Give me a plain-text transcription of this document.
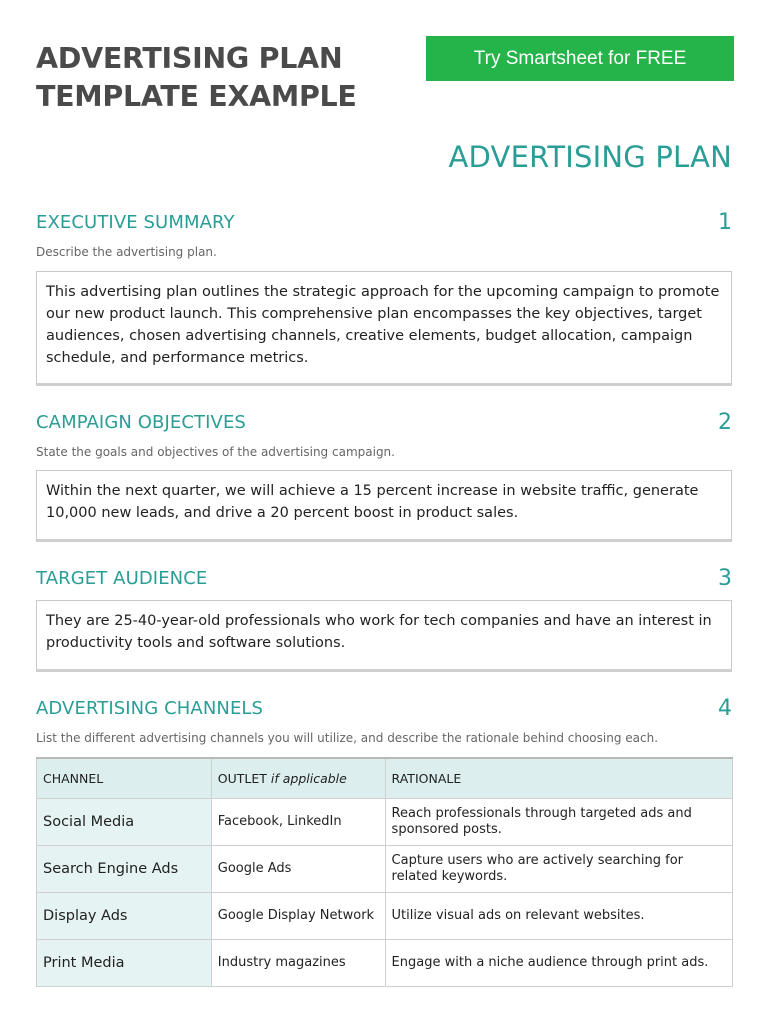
ADVERTISING PLAN
TEMPLATE EXAMPLE
Try Smartsheet for FREE
ADVERTISING PLAN
EXECUTIVE SUMMARY	1
Describe the advertising plan.
This advertising plan outlines the strategic approach for the upcoming campaign to promote our new product launch. This comprehensive plan encompasses the key objectives, target audiences, chosen advertising channels, creative elements, budget allocation, campaign schedule, and performance metrics.
CAMPAIGN OBJECTIVES	2
State the goals and objectives of the advertising campaign.
Within the next quarter, we will achieve a 15 percent increase in website traffic, generate 10,000 new leads, and drive a 20 percent boost in product sales.
TARGET AUDIENCE	3
They are 25-40-year-old professionals who work for tech companies and have an interest in productivity tools and software solutions.
ADVERTISING CHANNELS	4
List the different advertising channels you will utilize, and describe the rationale behind choosing each.
CHANNEL	OUTLET if applicable	RATIONALE
Social Media	Facebook, LinkedIn	Reach professionals through targeted ads and sponsored posts.
Search Engine Ads	Google Ads	Capture users who are actively searching for related keywords.
Display Ads	Google Display Network	Utilize visual ads on relevant websites.
Print Media	Industry magazines	Engage with a niche audience through print ads.
